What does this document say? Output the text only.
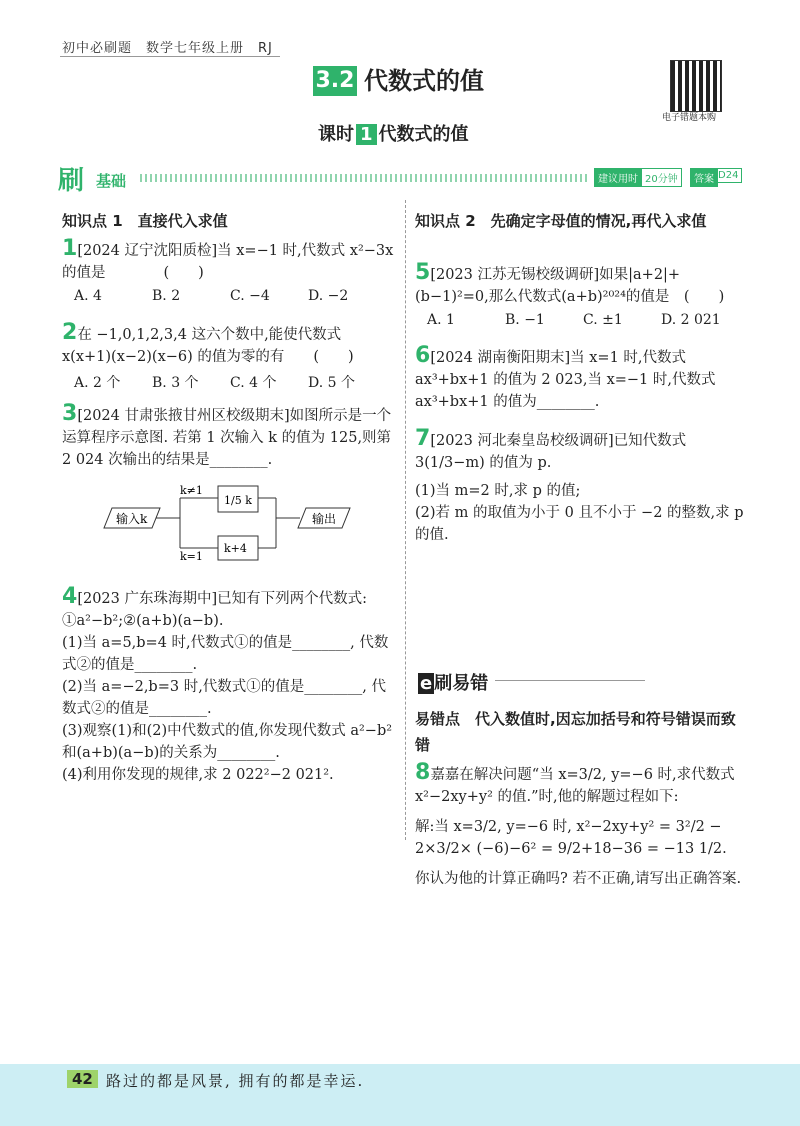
初中必刷题　数学七年级上册　RJ
3.2 代数式的值
电子错题本购
课时 1 代数式的值
刷 基础	建议用时 20分钟	答案 D24
知识点 1　直接代入求值
1[2024 辽宁沈阳质检]当 x=−1 时,代数式 x²−3x 的值是　　　　(　　)
A. 4	B. 2	C. −4	D. −2
2在 −1,0,1,2,3,4 这六个数中,能使代数式 x(x+1)(x−2)(x−6) 的值为零的有　　(　　)
A. 2 个 B. 3 个 C. 4 个 D. 5 个
3[2024 甘肃张掖甘州区校级期末]如图所示是一个运算程序示意图. 若第 1 次输入 k 的值为 125,则第 2 024 次输出的结果是________.
输入k
k≠1
k=1
1/5 k
k+4
输出
4[2023 广东珠海期中]已知有下列两个代数式: ①a²−b²;②(a+b)(a−b).
(1)当 a=5,b=4 时,代数式①的值是________, 代数式②的值是________.
(2)当 a=−2,b=3 时,代数式①的值是________, 代数式②的值是________.
(3)观察(1)和(2)中代数式的值,你发现代数式 a²−b² 和(a+b)(a−b)的关系为________.
(4)利用你发现的规律,求 2 022²−2 021².
知识点 2　先确定字母值的情况,再代入求值
5[2023 江苏无锡校级调研]如果|a+2|+(b−1)²=0,那么代数式(a+b)²⁰²⁴的值是　(　　)
A. 1	B. −1	C. ±1	D. 2 021
6[2024 湖南衡阳期末]当 x=1 时,代数式 ax³+bx+1 的值为 2 023,当 x=−1 时,代数式 ax³+bx+1 的值为________.
7[2023 河北秦皇岛校级调研]已知代数式 3(1/3−m) 的值为 p.
(1)当 m=2 时,求 p 的值;
(2)若 m 的取值为小于 0 且不小于 −2 的整数,求 p 的值.
e 刷易错
易错点　代入数值时,因忘加括号和符号错误而致错
8嘉嘉在解决问题“当 x=3/2, y=−6 时,求代数式 x²−2xy+y² 的值.”时,他的解题过程如下:
解:当 x=3/2, y=−6 时, x²−2xy+y² = 3²/2 − 2×3/2× (−6)−6² = 9/2+18−36 = −13 1/2.
你认为他的计算正确吗? 若不正确,请写出正确答案.
42 路过的都是风景, 拥有的都是幸运.
